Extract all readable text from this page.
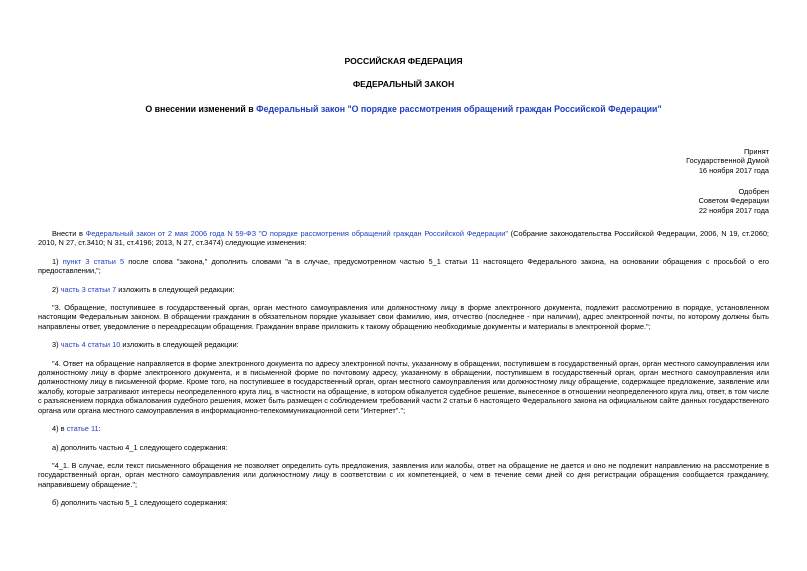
РОССИЙСКАЯ ФЕДЕРАЦИЯ
ФЕДЕРАЛЬНЫЙ ЗАКОН
О внесении изменений в Федеральный закон "О порядке рассмотрения обращений граждан Российской Федерации"
Принят
Государственной Думой
16 ноября 2017 года
Одобрен
Советом Федерации
22 ноября 2017 года

Внести в Федеральный закон от 2 мая 2006 года N 59-ФЗ "О порядке рассмотрения обращений граждан Российской Федерации" (Собрание законодательства Российской Федерации, 2006, N 19, ст.2060; 2010, N 27, ст.3410; N 31, ст.4196; 2013, N 27, ст.3474) следующие изменения:

1) пункт 3 статьи 5 после слова "закона," дополнить словами "а в случае, предусмотренном частью 5_1 статьи 11 настоящего Федерального закона, на основании обращения с просьбой о его предоставлении,";

2) часть 3 статьи 7 изложить в следующей редакции:

"3. Обращение, поступившее в государственный орган, орган местного самоуправления или должностному лицу в форме электронного документа, подлежит рассмотрению в порядке, установленном настоящим Федеральным законом. В обращении гражданин в обязательном порядке указывает свои фамилию, имя, отчество (последнее - при наличии), адрес электронной почты, по которому должны быть направлены ответ, уведомление о переадресации обращения. Гражданин вправе приложить к такому обращению необходимые документы и материалы в электронной форме.";

3) часть 4 статьи 10 изложить в следующей редакции:

"4. Ответ на обращение направляется в форме электронного документа по адресу электронной почты, указанному в обращении, поступившем в государственный орган, орган местного самоуправления или должностному лицу в форме электронного документа, и в письменной форме по почтовому адресу, указанному в обращении, поступившем в государственный орган, орган местного самоуправления или должностному лицу в письменной форме. Кроме того, на поступившее в государственный орган, орган местного самоуправления или должностному лицу обращение, содержащее предложение, заявление или жалобу, которые затрагивают интересы неопределенного круга лиц, в частности на обращение, в котором обжалуется судебное решение, вынесенное в отношении неопределенного круга лиц, ответ, в том числе с разъяснением порядка обжалования судебного решения, может быть размещен с соблюдением требований части 2 статьи 6 настоящего Федерального закона на официальном сайте данных государственного органа или органа местного самоуправления в информационно-телекоммуникационной сети "Интернет".";

4) в статье 11:

а) дополнить частью 4_1 следующего содержания:

"4_1. В случае, если текст письменного обращения не позволяет определить суть предложения, заявления или жалобы, ответ на обращение не дается и оно не подлежит направлению на рассмотрение в государственный орган, орган местного самоуправления или должностному лицу в соответствии с их компетенцией, о чем в течение семи дней со дня регистрации обращения сообщается гражданину, направившему обращение.";

б) дополнить частью 5_1 следующего содержания:
